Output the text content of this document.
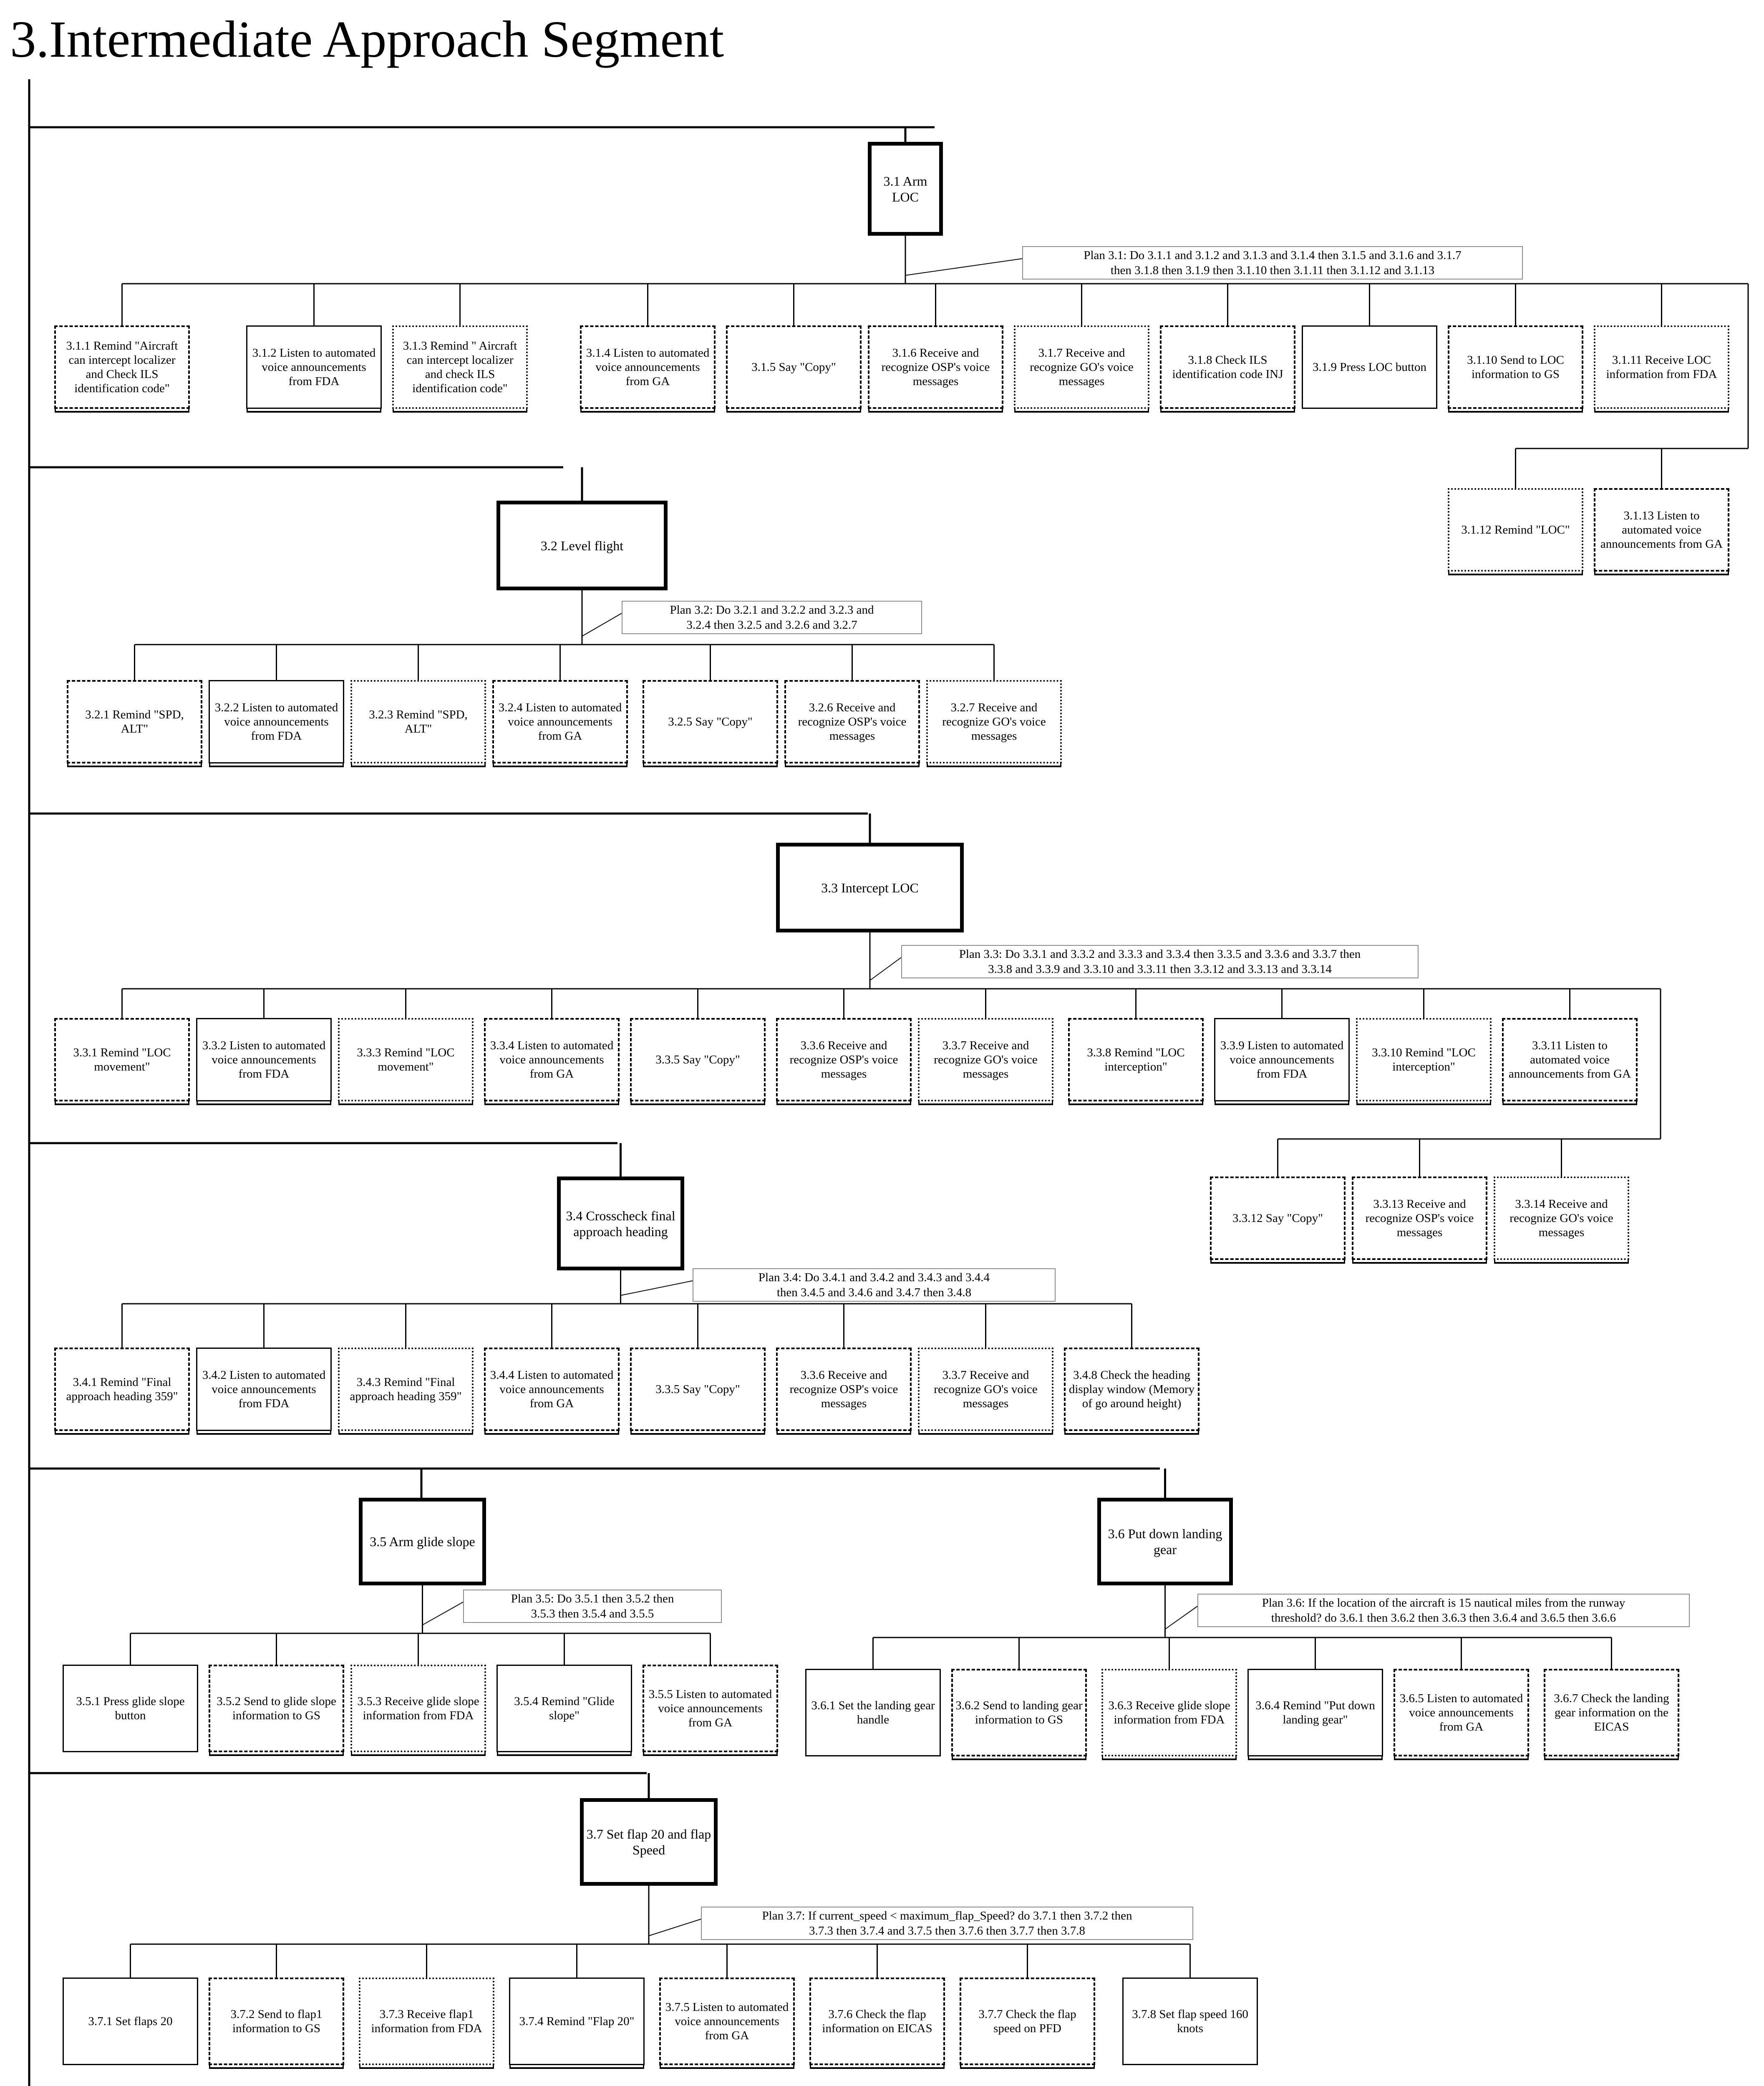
3.Intermediate Approach Segment
3.1 Arm LOC
Plan 3.1: Do 3.1.1 and 3.1.2 and 3.1.3 and 3.1.4 then 3.1.5 and 3.1.6 and 3.1.7
then 3.1.8 then 3.1.9 then 3.1.10 then 3.1.11 then 3.1.12 and 3.1.13
3.1.1 Remind "Aircraft can intercept localizer and Check ILS identification code"
3.1.2 Listen to automated voice announcements from FDA
3.1.3 Remind " Aircraft can intercept localizer and check ILS identification code"
3.1.4 Listen to automated voice announcements from GA
3.1.5 Say "Copy"
3.1.6 Receive and recognize OSP's voice messages
3.1.7 Receive and recognize GO's voice messages
3.1.8 Check ILS identification code INJ
3.1.9 Press LOC button
3.1.10 Send to LOC information to GS
3.1.11 Receive LOC information from FDA
3.1.12 Remind "LOC"
3.1.13 Listen to automated voice announcements from GA
3.2 Level flight
Plan 3.2: Do 3.2.1 and 3.2.2 and 3.2.3 and
3.2.4 then 3.2.5 and 3.2.6 and 3.2.7
3.2.1 Remind "SPD, ALT"
3.2.2 Listen to automated voice announcements from FDA
3.2.3 Remind "SPD, ALT"
3.2.4 Listen to automated voice announcements from GA
3.2.5 Say "Copy"
3.2.6 Receive and recognize OSP's voice messages
3.2.7 Receive and recognize GO's voice messages
3.3 Intercept LOC
Plan 3.3: Do 3.3.1 and 3.3.2 and 3.3.3 and 3.3.4 then 3.3.5 and 3.3.6 and 3.3.7 then
3.3.8 and 3.3.9 and 3.3.10 and 3.3.11 then 3.3.12 and 3.3.13 and 3.3.14
3.3.1 Remind "LOC movement"
3.3.2 Listen to automated voice announcements from FDA
3.3.3 Remind "LOC movement"
3.3.4 Listen to automated voice announcements from GA
3.3.5 Say "Copy"
3.3.6 Receive and recognize OSP's voice messages
3.3.7 Receive and recognize GO's voice messages
3.3.8 Remind "LOC interception"
3.3.9 Listen to automated voice announcements from FDA
3.3.10 Remind "LOC interception"
3.3.11 Listen to automated voice announcements from GA
3.3.12 Say "Copy"
3.3.13 Receive and recognize OSP's voice messages
3.3.14 Receive and recognize GO's voice messages
3.4 Crosscheck final approach heading
Plan 3.4: Do 3.4.1 and 3.4.2 and 3.4.3 and 3.4.4
then 3.4.5 and 3.4.6 and 3.4.7 then 3.4.8
3.4.1 Remind "Final approach heading 359"
3.4.2 Listen to automated voice announcements from FDA
3.4.3 Remind "Final approach heading 359"
3.4.4 Listen to automated voice announcements from GA
3.3.5 Say "Copy"
3.3.6 Receive and recognize OSP's voice messages
3.3.7 Receive and recognize GO's voice messages
3.4.8 Check the heading display window (Memory of go around height)
3.5 Arm glide slope
Plan 3.5: Do 3.5.1 then 3.5.2 then
3.5.3 then 3.5.4 and 3.5.5
3.5.1 Press glide slope button
3.5.2 Send to glide slope information to GS
3.5.3 Receive glide slope information from FDA
3.5.4 Remind "Glide slope"
3.5.5 Listen to automated voice announcements from GA
3.6 Put down landing gear
Plan 3.6: If the location of the aircraft is 15 nautical miles from the runway
threshold? do 3.6.1 then 3.6.2 then 3.6.3 then 3.6.4 and 3.6.5 then 3.6.6
3.6.1 Set the landing gear handle
3.6.2 Send to landing gear information to GS
3.6.3 Receive glide slope information from FDA
3.6.4 Remind "Put down landing gear"
3.6.5 Listen to automated voice announcements from GA
3.6.7 Check the landing gear information on the EICAS
3.7 Set flap 20 and flap Speed
Plan 3.7: If current_speed < maximum_flap_Speed? do 3.7.1 then 3.7.2 then
3.7.3 then 3.7.4 and 3.7.5 then 3.7.6 then 3.7.7 then 3.7.8
3.7.1 Set flaps 20
3.7.2 Send to flap1 information to GS
3.7.3 Receive flap1 information from FDA
3.7.4 Remind "Flap 20"
3.7.5 Listen to automated voice announcements from GA
3.7.6 Check the flap information on EICAS
3.7.7 Check the flap speed on PFD
3.7.8 Set flap speed 160 knots
